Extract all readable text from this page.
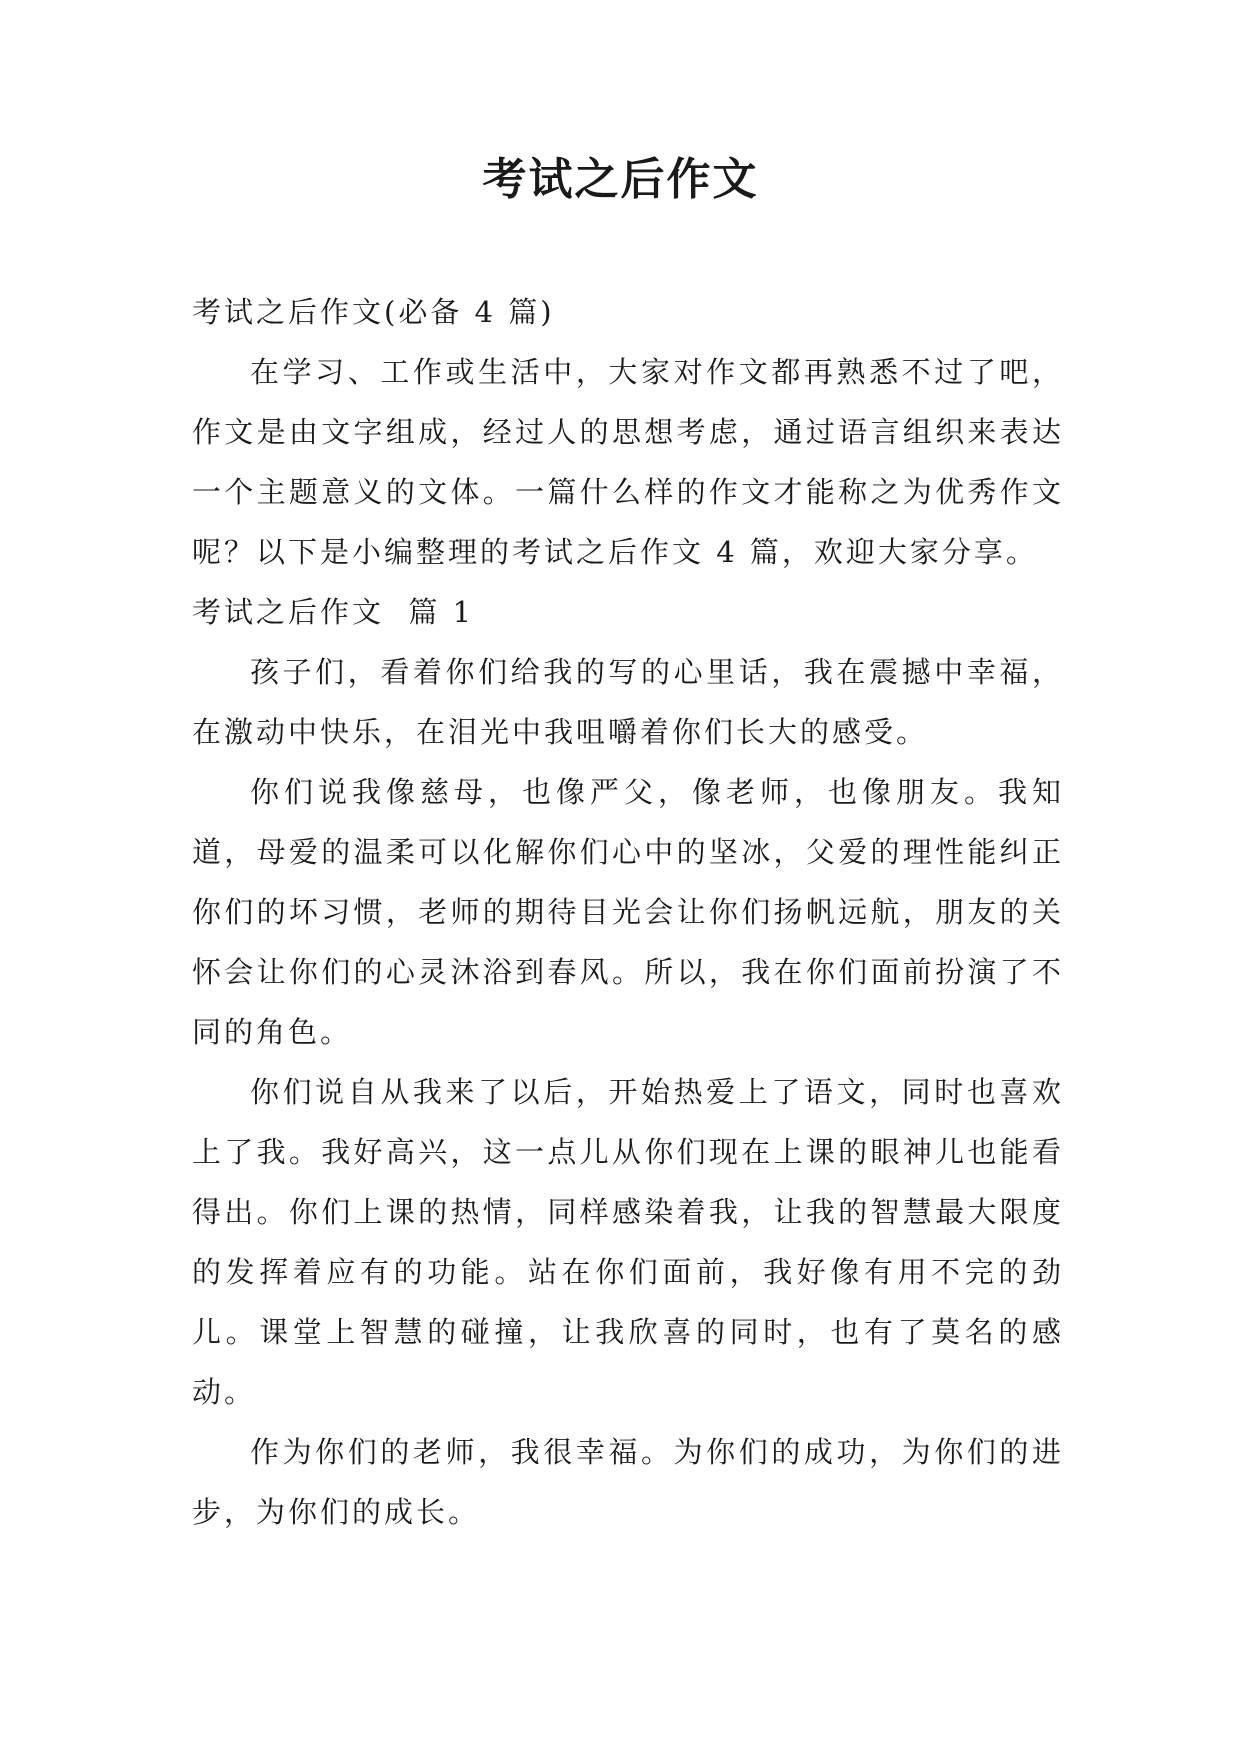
考试之后作文

考试之后作文(必备 4 篇)

在学习、工作或生活中，大家对作文都再熟悉不过了吧，作文是由文字组成，经过人的思想考虑，通过语言组织来表达一个主题意义的文体。一篇什么样的作文才能称之为优秀作文呢？以下是小编整理的考试之后作文 4 篇，欢迎大家分享。

考试之后作文  篇 1

孩子们，看着你们给我的写的心里话，我在震撼中幸福，在激动中快乐，在泪光中我咀嚼着你们长大的感受。

你们说我像慈母，也像严父，像老师，也像朋友。我知道，母爱的温柔可以化解你们心中的坚冰，父爱的理性能纠正你们的坏习惯，老师的期待目光会让你们扬帆远航，朋友的关怀会让你们的心灵沐浴到春风。所以，我在你们面前扮演了不同的角色。

你们说自从我来了以后，开始热爱上了语文，同时也喜欢上了我。我好高兴，这一点儿从你们现在上课的眼神儿也能看得出。你们上课的热情，同样感染着我，让我的智慧最大限度的发挥着应有的功能。站在你们面前，我好像有用不完的劲儿。课堂上智慧的碰撞，让我欣喜的同时，也有了莫名的感动。

作为你们的老师，我很幸福。为你们的成功，为你们的进步，为你们的成长。
